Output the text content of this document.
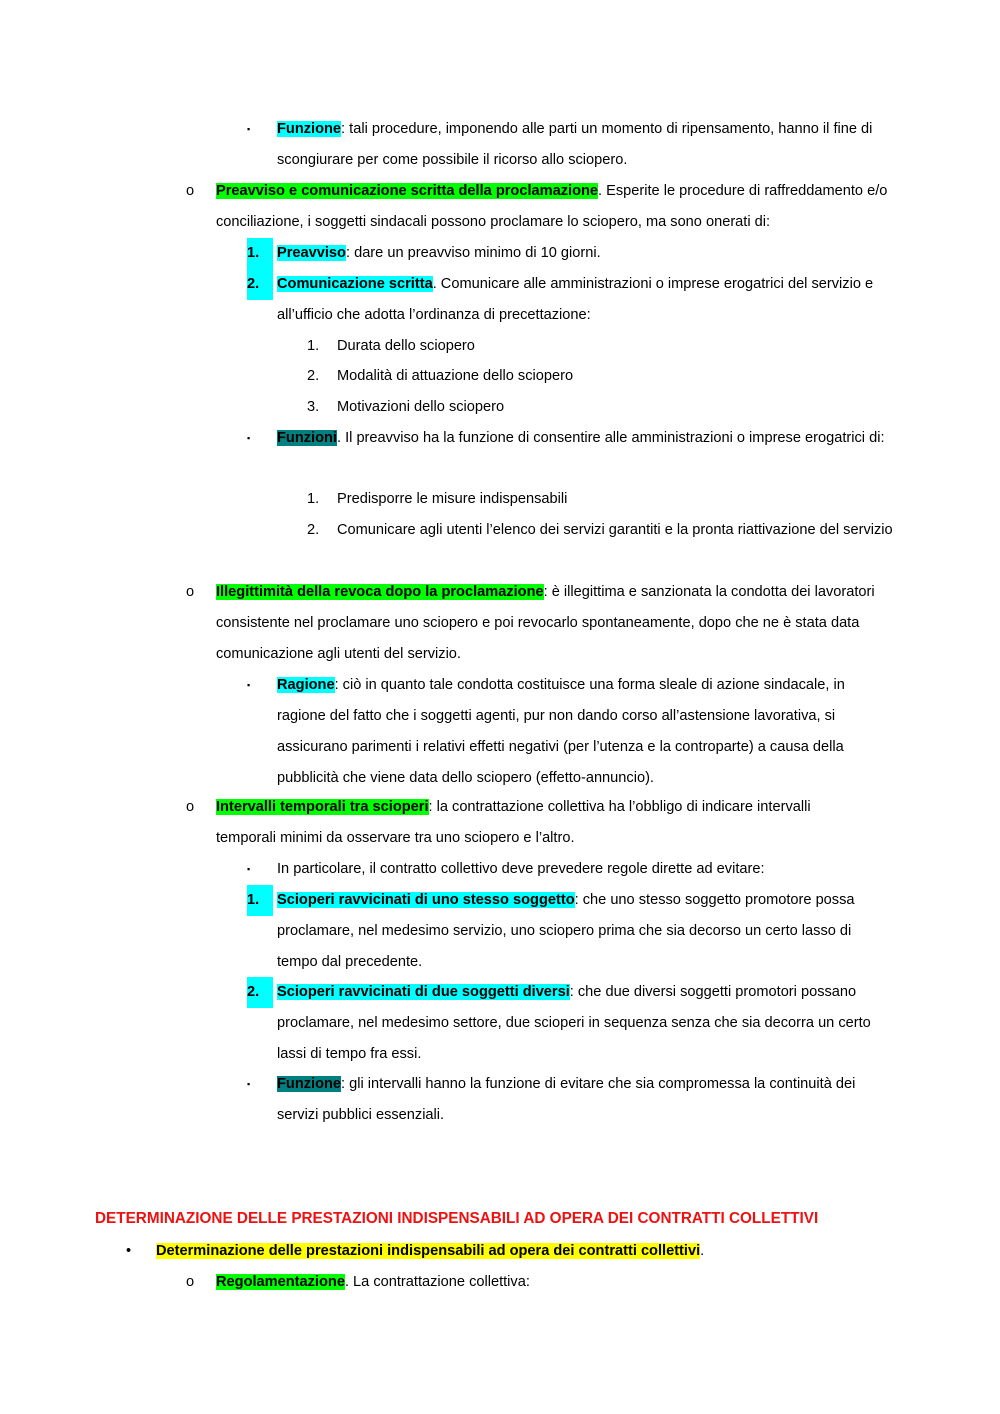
▪ Funzione: tali procedure, imponendo alle parti un momento di ripensamento, hanno il fine di scongiurare per come possibile il ricorso allo sciopero.

o Preavviso e comunicazione scritta della proclamazione. Esperite le procedure di raffreddamento e/o conciliazione, i soggetti sindacali possono proclamare lo sciopero, ma sono onerati di:

1.	Preavviso: dare un preavviso minimo di 10 giorni.

2.	Comunicazione scritta. Comunicare alle amministrazioni o imprese erogatrici del servizio e all’ufficio che adotta l’ordinanza di precettazione:

1. Durata dello sciopero

2. Modalità di attuazione dello sciopero

3. Motivazioni dello sciopero

▪ Funzioni. Il preavviso ha la funzione di consentire alle amministrazioni o imprese erogatrici di:

1. Predisporre le misure indispensabili

2. Comunicare agli utenti l’elenco dei servizi garantiti e la pronta riattivazione del servizio

o Illegittimità della revoca dopo la proclamazione: è illegittima e sanzionata la condotta dei lavoratori consistente nel proclamare uno sciopero e poi revocarlo spontaneamente, dopo che ne è stata data comunicazione agli utenti del servizio.

▪ Ragione: ciò in quanto tale condotta costituisce una forma sleale di azione sindacale, in ragione del fatto che i soggetti agenti, pur non dando corso all’astensione lavorativa, si assicurano parimenti i relativi effetti negativi (per l’utenza e la controparte) a causa della pubblicità che viene data dello sciopero (effetto-annuncio).

o Intervalli temporali tra scioperi: la contrattazione collettiva ha l’obbligo di indicare intervalli temporali minimi da osservare tra uno sciopero e l’altro.

▪ In particolare, il contratto collettivo deve prevedere regole dirette ad evitare:

1.	Scioperi ravvicinati di uno stesso soggetto: che uno stesso soggetto promotore possa proclamare, nel medesimo servizio, uno sciopero prima che sia decorso un certo lasso di tempo dal precedente.

2.	Scioperi ravvicinati di due soggetti diversi: che due diversi soggetti promotori possano proclamare, nel medesimo settore, due scioperi in sequenza senza che sia decorra un certo lassi di tempo fra essi.

▪ Funzione: gli intervalli hanno la funzione di evitare che sia compromessa la continuità dei servizi pubblici essenziali.

DETERMINAZIONE DELLE PRESTAZIONI INDISPENSABILI AD OPERA DEI CONTRATTI COLLETTIVI
• Determinazione delle prestazioni indispensabili ad opera dei contratti collettivi.

o Regolamentazione. La contrattazione collettiva:
